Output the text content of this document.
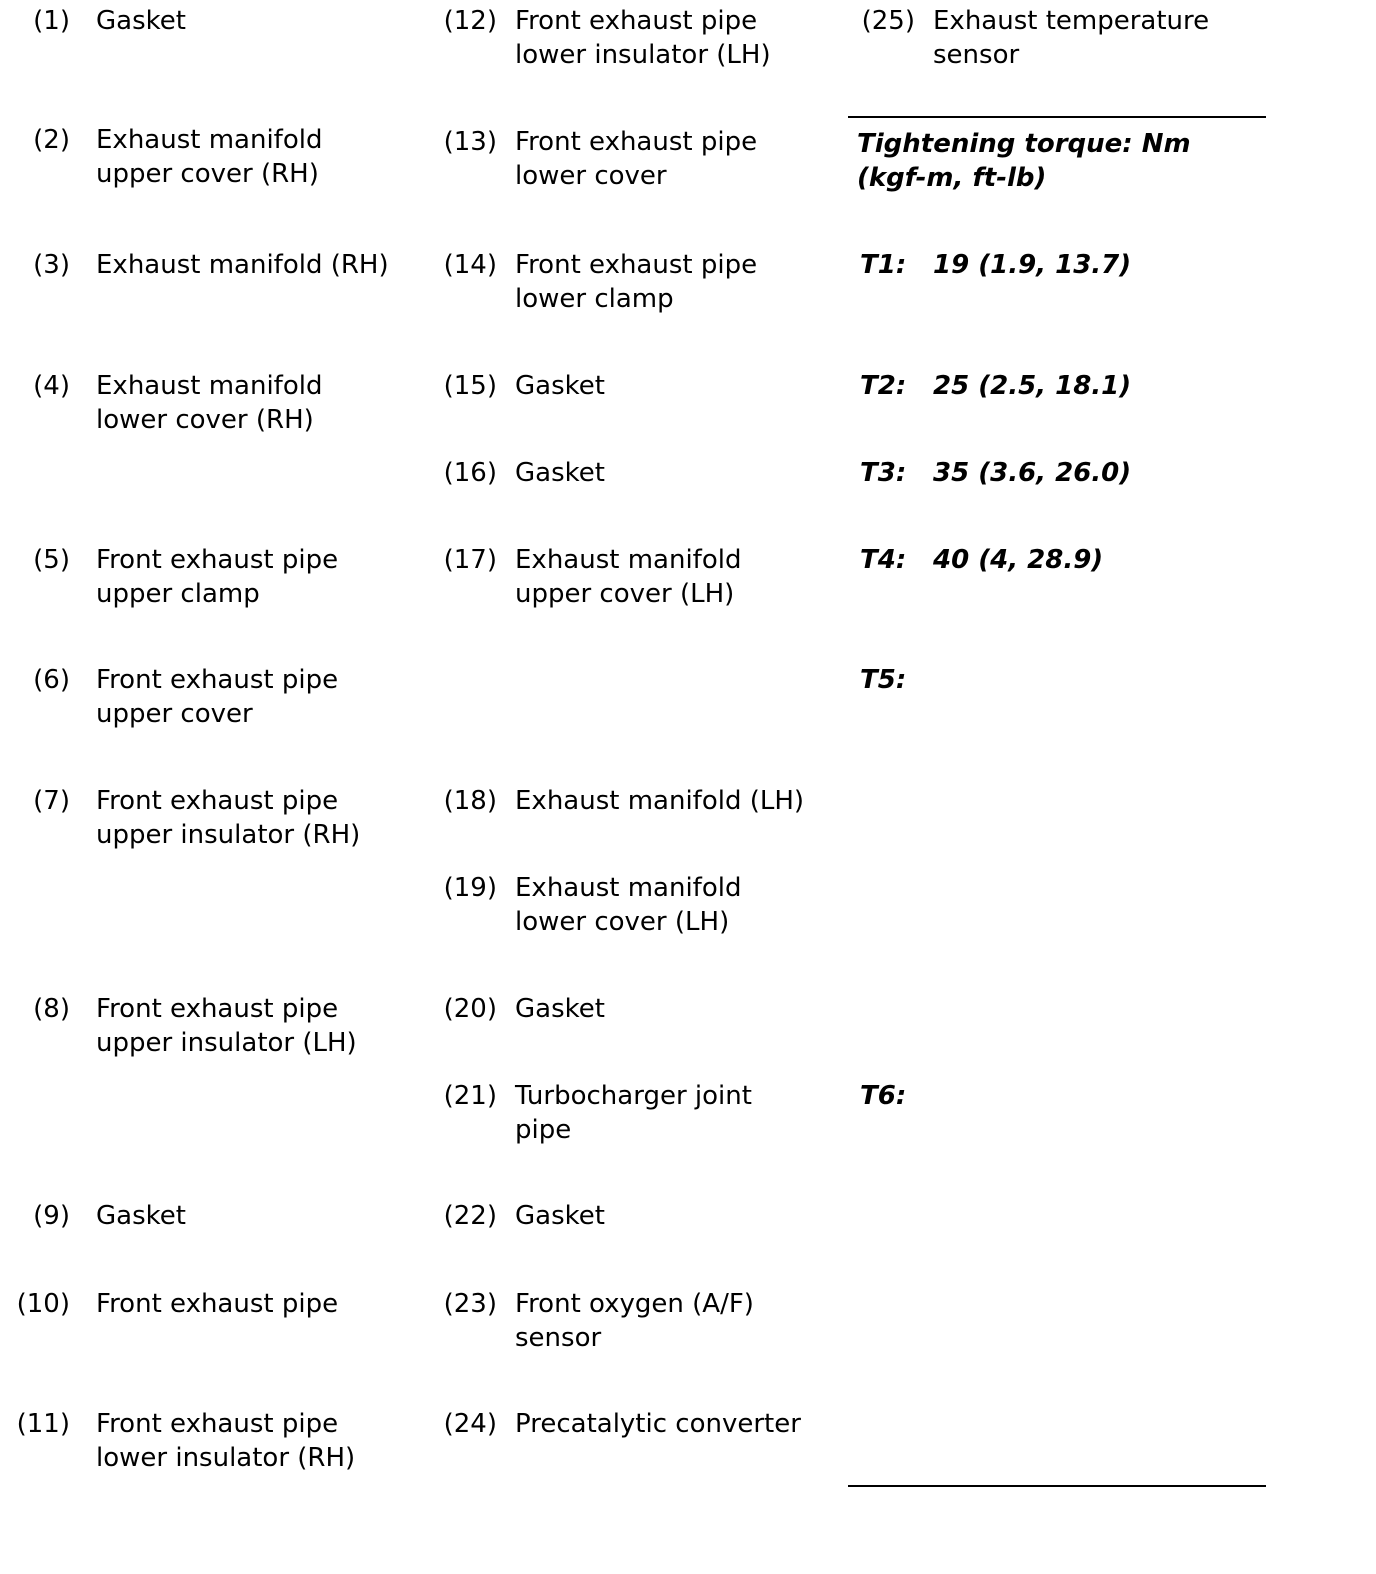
(1) Gasket
(2) Exhaust manifold
upper cover (RH)
(3) Exhaust manifold (RH)
(4) Exhaust manifold
lower cover (RH)
(5) Front exhaust pipe
upper clamp
(6) Front exhaust pipe
upper cover
(7) Front exhaust pipe
upper insulator (RH)
(8) Front exhaust pipe
upper insulator (LH)
(9) Gasket
(10) Front exhaust pipe
(11) Front exhaust pipe
lower insulator (RH)
(12) Front exhaust pipe
lower insulator (LH)
(13) Front exhaust pipe
lower cover
(14) Front exhaust pipe
lower clamp
(15) Gasket
(16) Gasket
(17) Exhaust manifold
upper cover (LH)
(18) Exhaust manifold (LH)
(19) Exhaust manifold
lower cover (LH)
(20) Gasket
(21) Turbocharger joint
pipe
(22) Gasket
(23) Front oxygen (A/F)
sensor
(24) Precatalytic converter
(25) Exhaust temperature
sensor
Tightening torque: Nm
(kgf-m, ft-lb)
T1: 19 (1.9, 13.7)
T2: 25 (2.5, 18.1)
T3: 35 (3.6, 26.0)
T4: 40 (4, 28.9)
T5:
T6:
